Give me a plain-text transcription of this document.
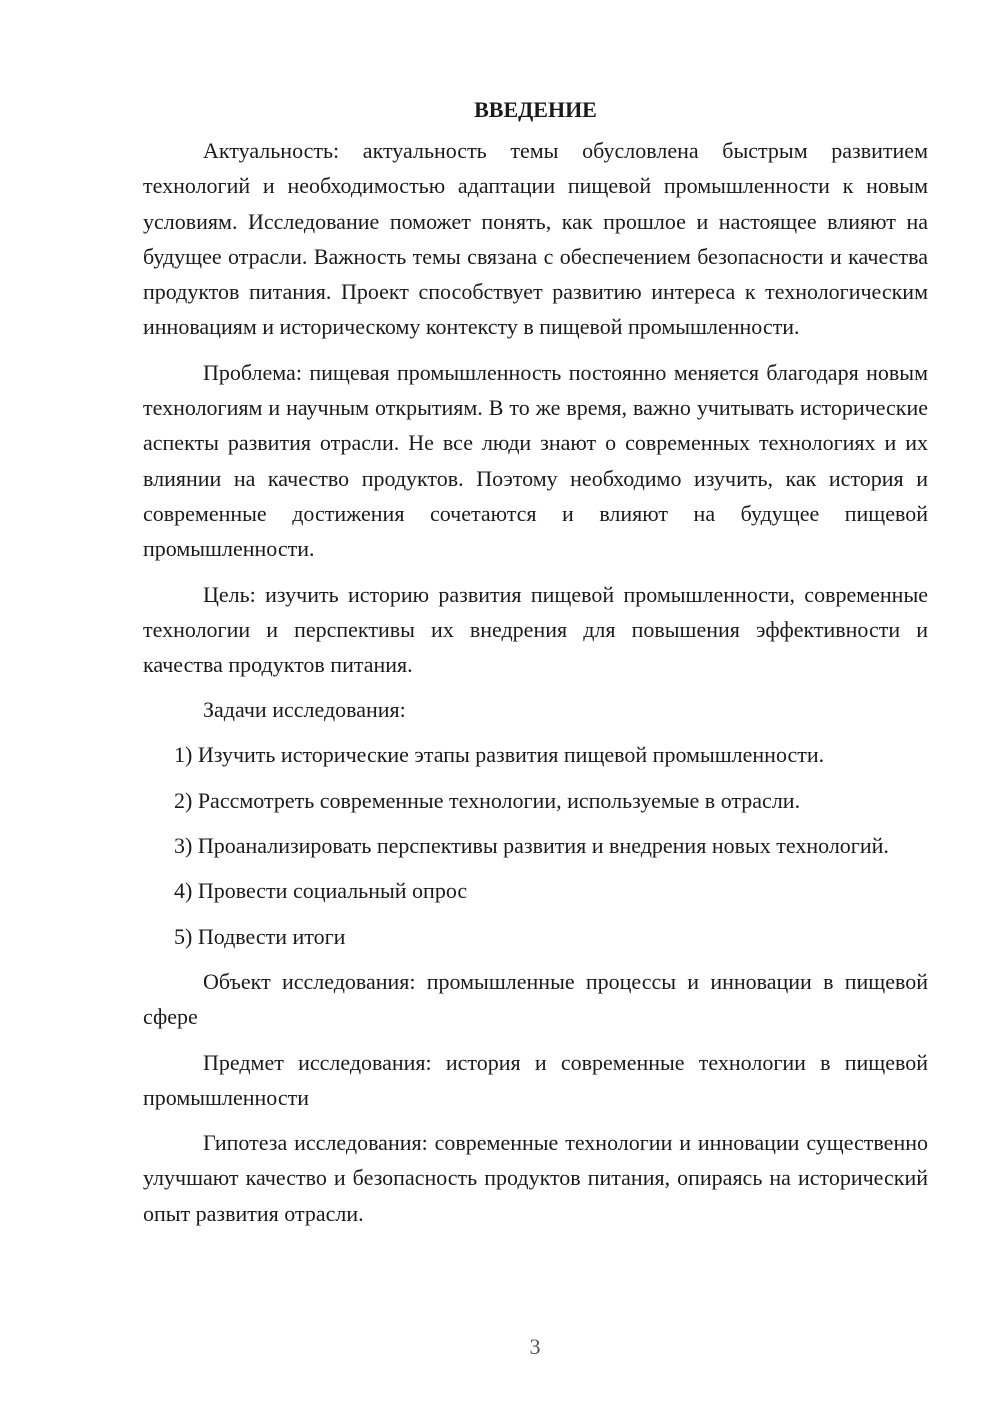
ВВЕДЕНИЕ

Актуальность: актуальность темы обусловлена быстрым развитием технологий и необходимостью адаптации пищевой промышленности к новым условиям. Исследование поможет понять, как прошлое и настоящее влияют на будущее отрасли. Важность темы связана с обеспечением безопасности и качества продуктов питания. Проект способствует развитию интереса к технологическим инновациям и историческому контексту в пищевой промышленности.

Проблема: пищевая промышленность постоянно меняется благодаря новым технологиям и научным открытиям. В то же время, важно учитывать исторические аспекты развития отрасли. Не все люди знают о современных технологиях и их влиянии на качество продуктов. Поэтому необходимо изучить, как история и современные достижения сочетаются и влияют на будущее пищевой промышленности.

Цель: изучить историю развития пищевой промышленности, современные технологии и перспективы их внедрения для повышения эффективности и качества продуктов питания.

Задачи исследования:

1) Изучить исторические этапы развития пищевой промышленности.

2) Рассмотреть современные технологии, используемые в отрасли.

3) Проанализировать перспективы развития и внедрения новых технологий.

4) Провести социальный опрос

5) Подвести итоги

Объект исследования: промышленные процессы и инновации в пищевой сфере

Предмет исследования: история и современные технологии в пищевой промышленности

Гипотеза исследования: современные технологии и инновации существенно улучшают качество и безопасность продуктов питания, опираясь на исторический опыт развития отрасли.

3
